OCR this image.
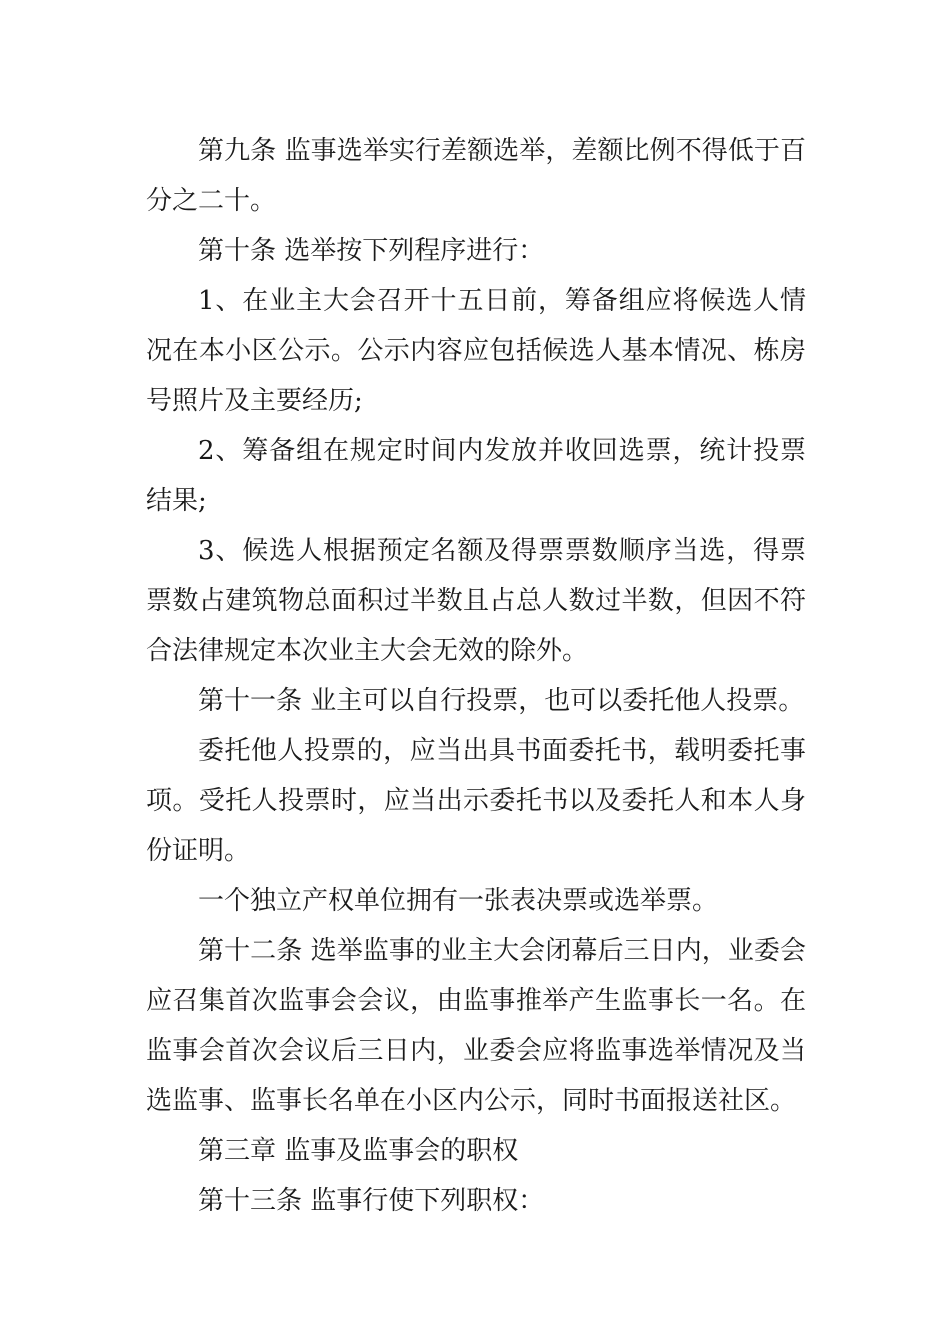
第九条 监事选举实行差额选举，差额比例不得低于百分之二十。

第十条 选举按下列程序进行：

1、在业主大会召开十五日前，筹备组应将候选人情况在本小区公示。公示内容应包括候选人基本情况、栋房号照片及主要经历;

2、筹备组在规定时间内发放并收回选票，统计投票结果;

3、候选人根据预定名额及得票票数顺序当选，得票票数占建筑物总面积过半数且占总人数过半数，但因不符合法律规定本次业主大会无效的除外。

第十一条 业主可以自行投票，也可以委托他人投票。

委托他人投票的，应当出具书面委托书，载明委托事项。受托人投票时，应当出示委托书以及委托人和本人身份证明。

一个独立产权单位拥有一张表决票或选举票。

第十二条 选举监事的业主大会闭幕后三日内，业委会应召集首次监事会会议，由监事推举产生监事长一名。在监事会首次会议后三日内，业委会应将监事选举情况及当选监事、监事长名单在小区内公示，同时书面报送社区。

第三章 监事及监事会的职权

第十三条 监事行使下列职权：
